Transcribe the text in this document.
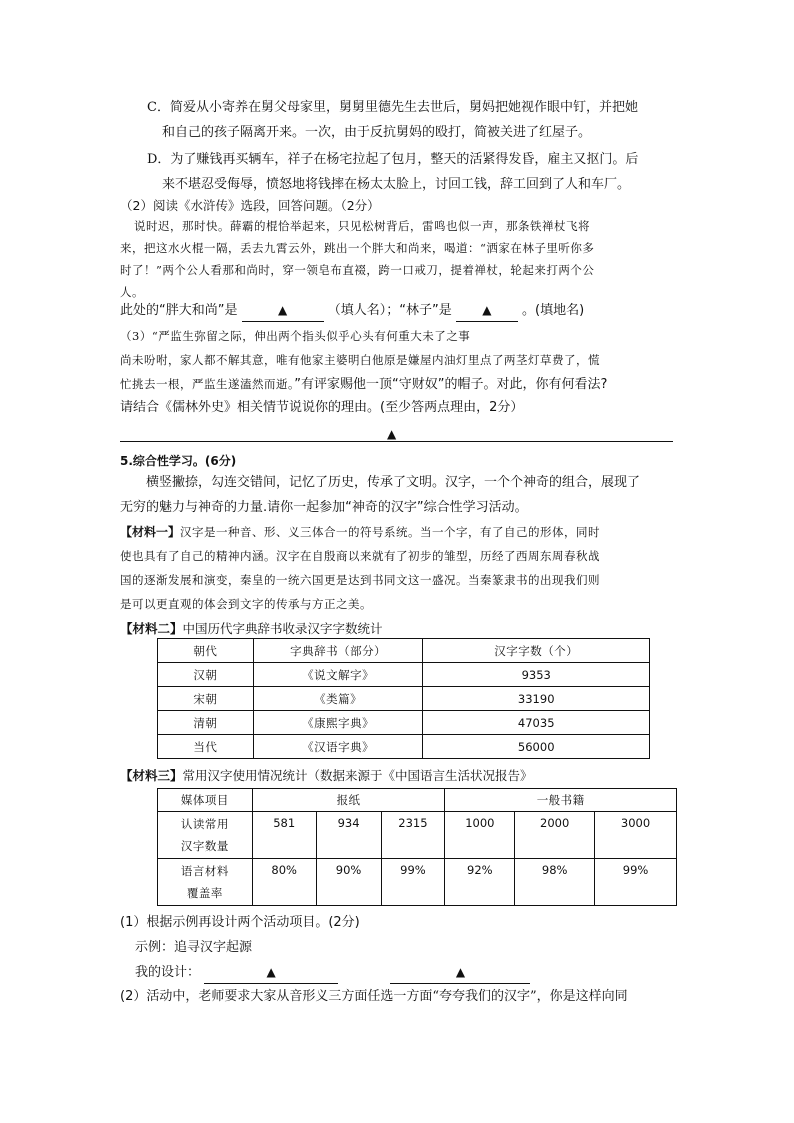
C．简爱从小寄养在舅父母家里，舅舅里德先生去世后，舅妈把她视作眼中钉，并把她
和自己的孩子隔离开来。一次，由于反抗舅妈的殴打，简被关进了红屋子。
D．为了赚钱再买辆车，祥子在杨宅拉起了包月，整天的活紧得发昏，雇主又抠门。后
来不堪忍受侮辱，愤怒地将钱摔在杨太太脸上，讨回工钱，辞工回到了人和车厂。
（2）阅读《水浒传》选段，回答问题。（2分）
说时迟，那时快。薛霸的棍恰举起来，只见松树背后，雷鸣也似一声，那条铁禅杖飞将
来，把这水火棍一隔，丢去九霄云外，跳出一个胖大和尚来，喝道：“洒家在林子里听你多
时了！”两个公人看那和尚时，穿一领皂布直裰，跨一口戒刀，提着禅杖，轮起来打两个公
人。
此处的“胖大和尚”是	▲	（填人名）；“林子”是	▲ 。(填地名)
（3）“严监生弥留之际，伸出两个指头似乎心头有何重大未了之事
尚未吩咐，家人都不解其意，唯有他家主婆明白他原是嫌屋内油灯里点了两茎灯草费了，慌
忙挑去一根，严监生遂溘然而逝。”有评家赐他一顶“守财奴”的帽子。对此，你有何看法?
请结合《儒林外史》相关情节说说你的理由。(至少答两点理由，2分）
▲
5.综合性学习。(6分)
横竖撇捺，勾连交错间，记忆了历史，传承了文明。汉字，一个个神奇的组合，展现了
无穷的魅力与神奇的力量.请你一起参加“神奇的汉字”综合性学习活动。
【材料一】汉字是一种音、形、义三体合一的符号系统。当一个字，有了自己的形体，同时
使也具有了自己的精神内涵。汉字在自殷商以来就有了初步的雏型，历经了西周东周春秋战
国的逐渐发展和演变，秦皇的一统六国更是达到书同文这一盛况。当秦篆隶书的出现我们则
是可以更直观的体会到文字的传承与方正之美。
【材料二】中国历代字典辞书收录汉字字数统计
朝代	字典辞书（部分）	汉字字数（个）
汉朝	《说文解字》	9353
宋朝	《类篇》	33190
清朝	《康熙字典》	47035
当代	《汉语字典》	56000
【材料三】常用汉字使用情况统计（数据来源于《中国语言生活状况报告》
媒体项目	报纸			一般书籍		

认读常用
汉字数量	581	934	2315	1000	2000	3000

语言材料
覆盖率	80%	90%	99%	92%	98%	99%
(1）根据示例再设计两个活动项目。(2分)
示例：追寻汉字起源
我的设计：	▲	▲
(2）活动中，老师要求大家从音形义三方面任选一方面“夸夸我们的汉字”，你是这样向同
